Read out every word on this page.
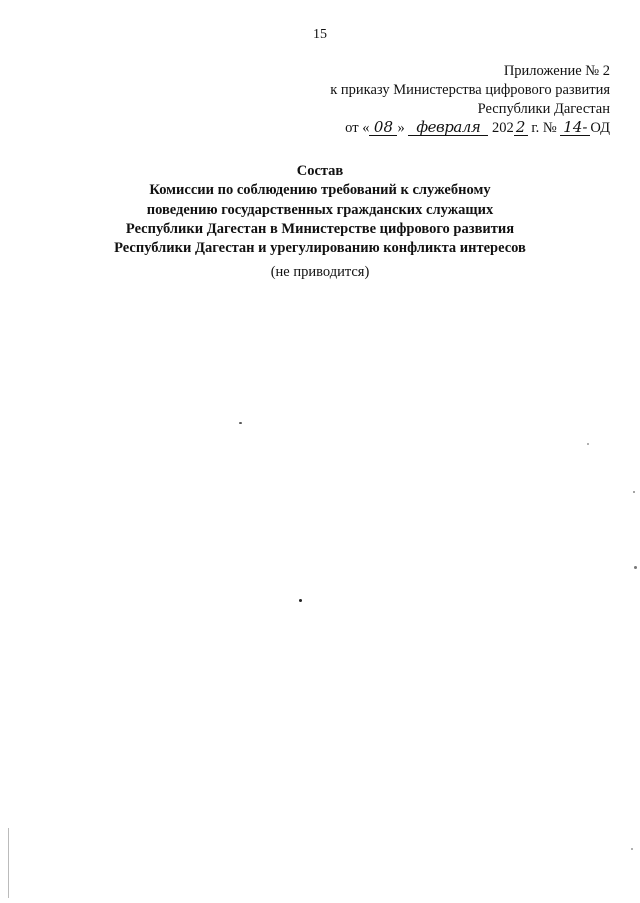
15
Приложение № 2
к приказу Министерства цифрового развития
Республики Дагестан
от « 08 » февраля 202 2 г. № 14- ОД
Состав
Комиссии по соблюдению требований к служебному
поведению государственных гражданских служащих
Республики Дагестан в Министерстве цифрового развития
Республики Дагестан и урегулированию конфликта интересов
(не приводится)
